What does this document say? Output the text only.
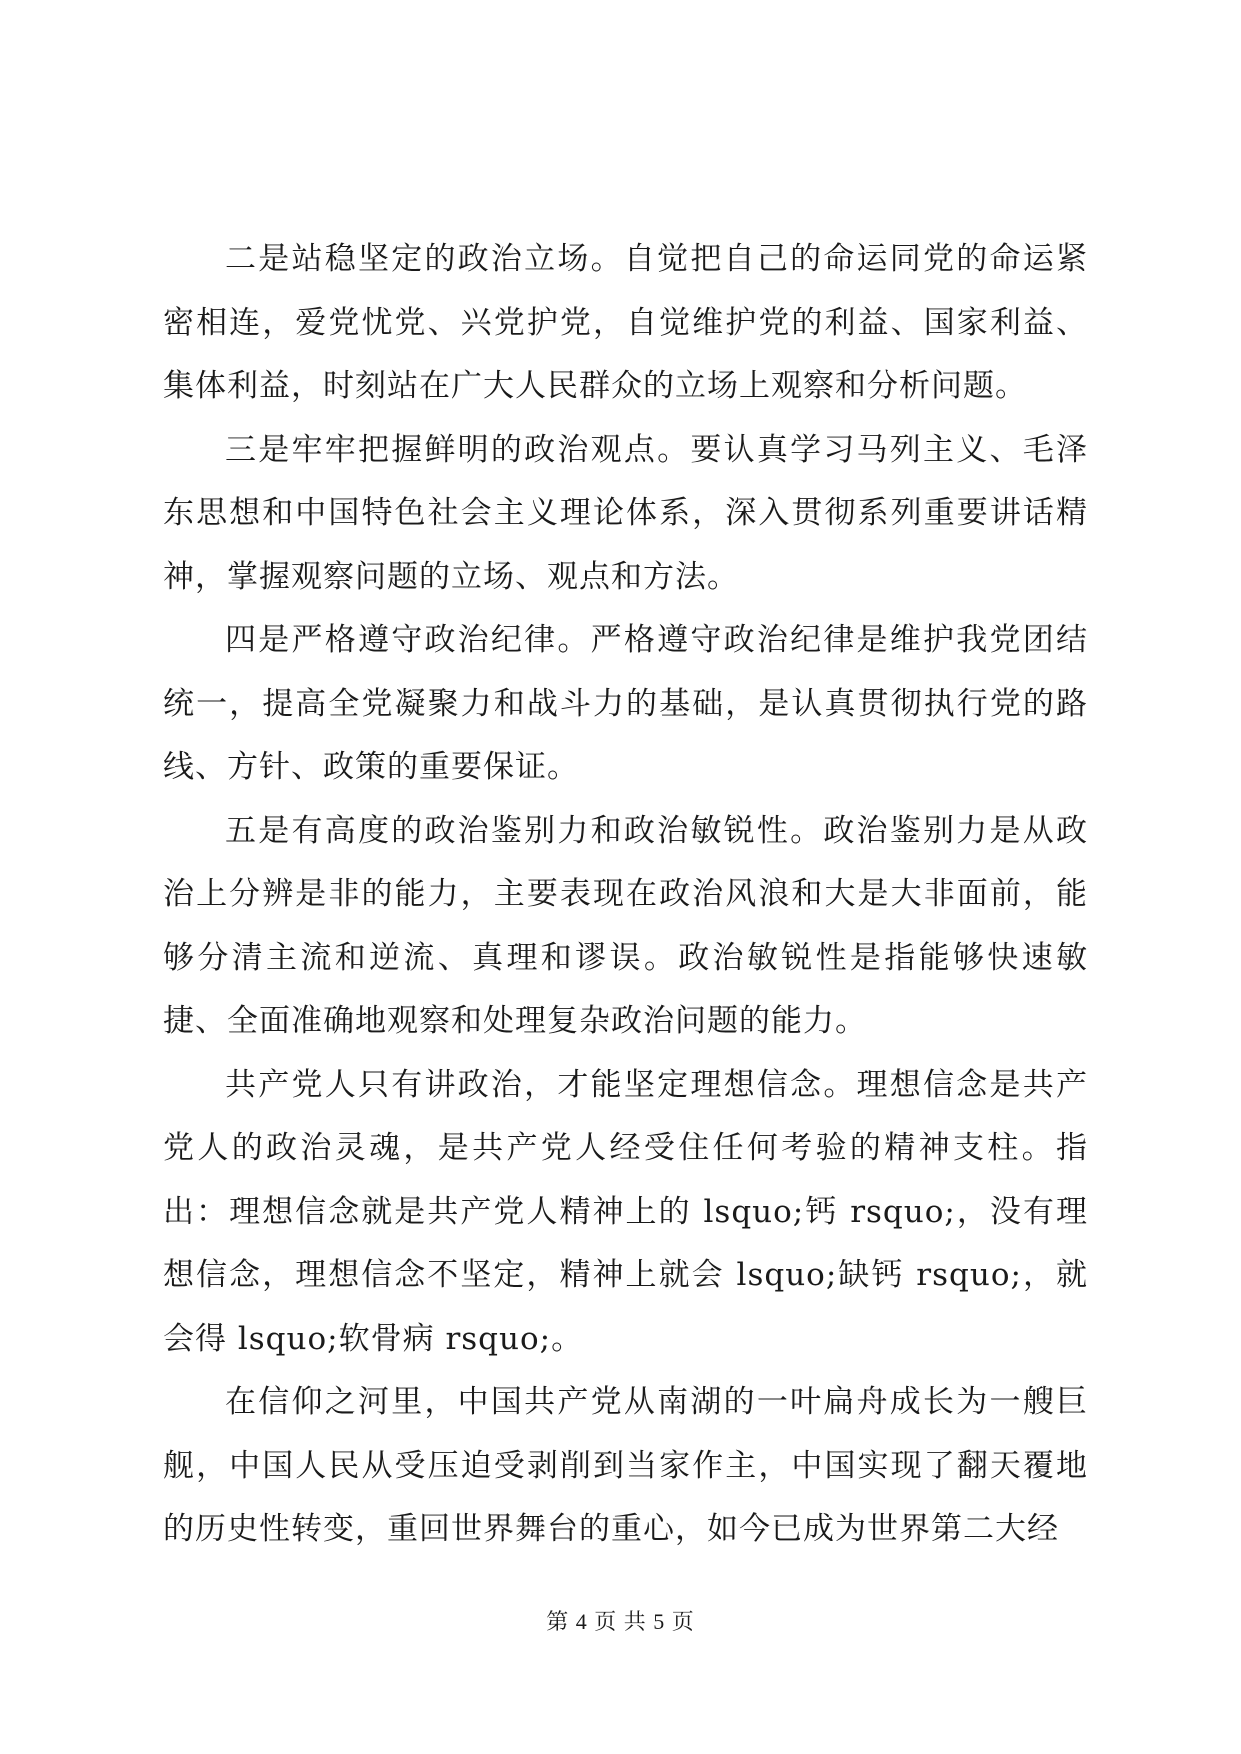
二是站稳坚定的政治立场。自觉把自己的命运同党的命运紧密相连，爱党忧党、兴党护党，自觉维护党的利益、国家利益、集体利益，时刻站在广大人民群众的立场上观察和分析问题。

三是牢牢把握鲜明的政治观点。要认真学习马列主义、毛泽东思想和中国特色社会主义理论体系，深入贯彻系列重要讲话精神，掌握观察问题的立场、观点和方法。

四是严格遵守政治纪律。严格遵守政治纪律是维护我党团结统一，提高全党凝聚力和战斗力的基础，是认真贯彻执行党的路线、方针、政策的重要保证。

五是有高度的政治鉴别力和政治敏锐性。政治鉴别力是从政治上分辨是非的能力，主要表现在政治风浪和大是大非面前，能够分清主流和逆流、真理和谬误。政治敏锐性是指能够快速敏捷、全面准确地观察和处理复杂政治问题的能力。

共产党人只有讲政治，才能坚定理想信念。理想信念是共产党人的政治灵魂，是共产党人经受住任何考验的精神支柱。指出：理想信念就是共产党人精神上的 lsquo;钙 rsquo;，没有理想信念，理想信念不坚定，精神上就会 lsquo;缺钙 rsquo;，就会得 lsquo;软骨病 rsquo;。

在信仰之河里，中国共产党从南湖的一叶扁舟成长为一艘巨舰，中国人民从受压迫受剥削到当家作主，中国实现了翻天覆地的历史性转变，重回世界舞台的重心，如今已成为世界第二大经

第 4 页 共 5 页
